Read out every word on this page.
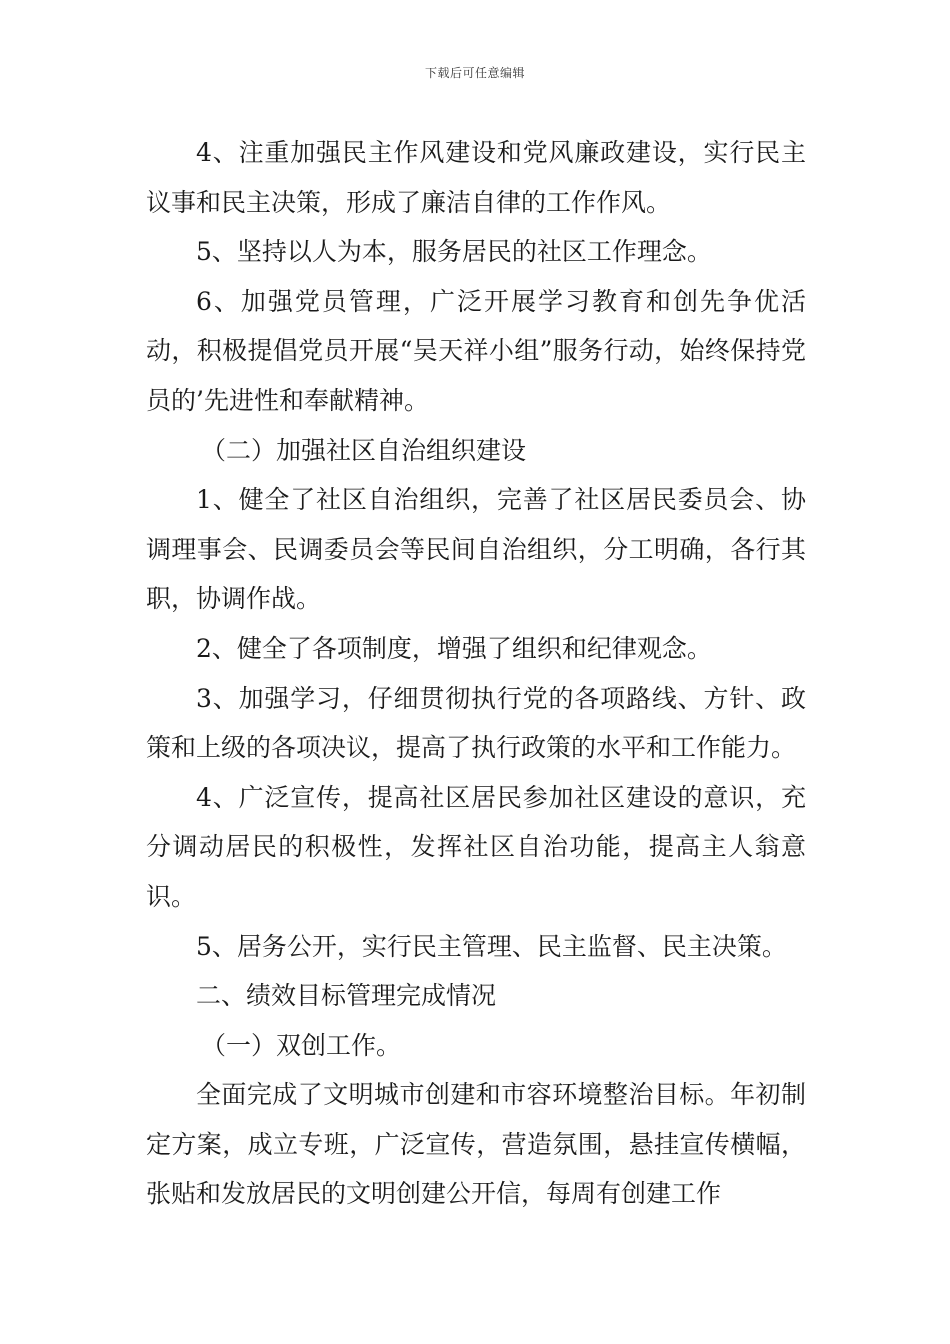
下载后可任意编辑

4、注重加强民主作风建设和党风廉政建设，实行民主议事和民主决策，形成了廉洁自律的工作作风。

5、坚持以人为本，服务居民的社区工作理念。

6、加强党员管理，广泛开展学习教育和创先争优活动，积极提倡党员开展“吴天祥小组”服务行动，始终保持党员的’先进性和奉献精神。

（二）加强社区自治组织建设

1、健全了社区自治组织，完善了社区居民委员会、协调理事会、民调委员会等民间自治组织，分工明确，各行其职，协调作战。

2、健全了各项制度，增强了组织和纪律观念。

3、加强学习，仔细贯彻执行党的各项路线、方针、政策和上级的各项决议，提高了执行政策的水平和工作能力。

4、广泛宣传，提高社区居民参加社区建设的意识，充分调动居民的积极性，发挥社区自治功能，提高主人翁意识。

5、居务公开，实行民主管理、民主监督、民主决策。

二、绩效目标管理完成情况

（一）双创工作。

全面完成了文明城市创建和市容环境整治目标。年初制定方案，成立专班，广泛宣传，营造氛围，悬挂宣传横幅，张贴和发放居民的文明创建公开信，每周有创建工作
